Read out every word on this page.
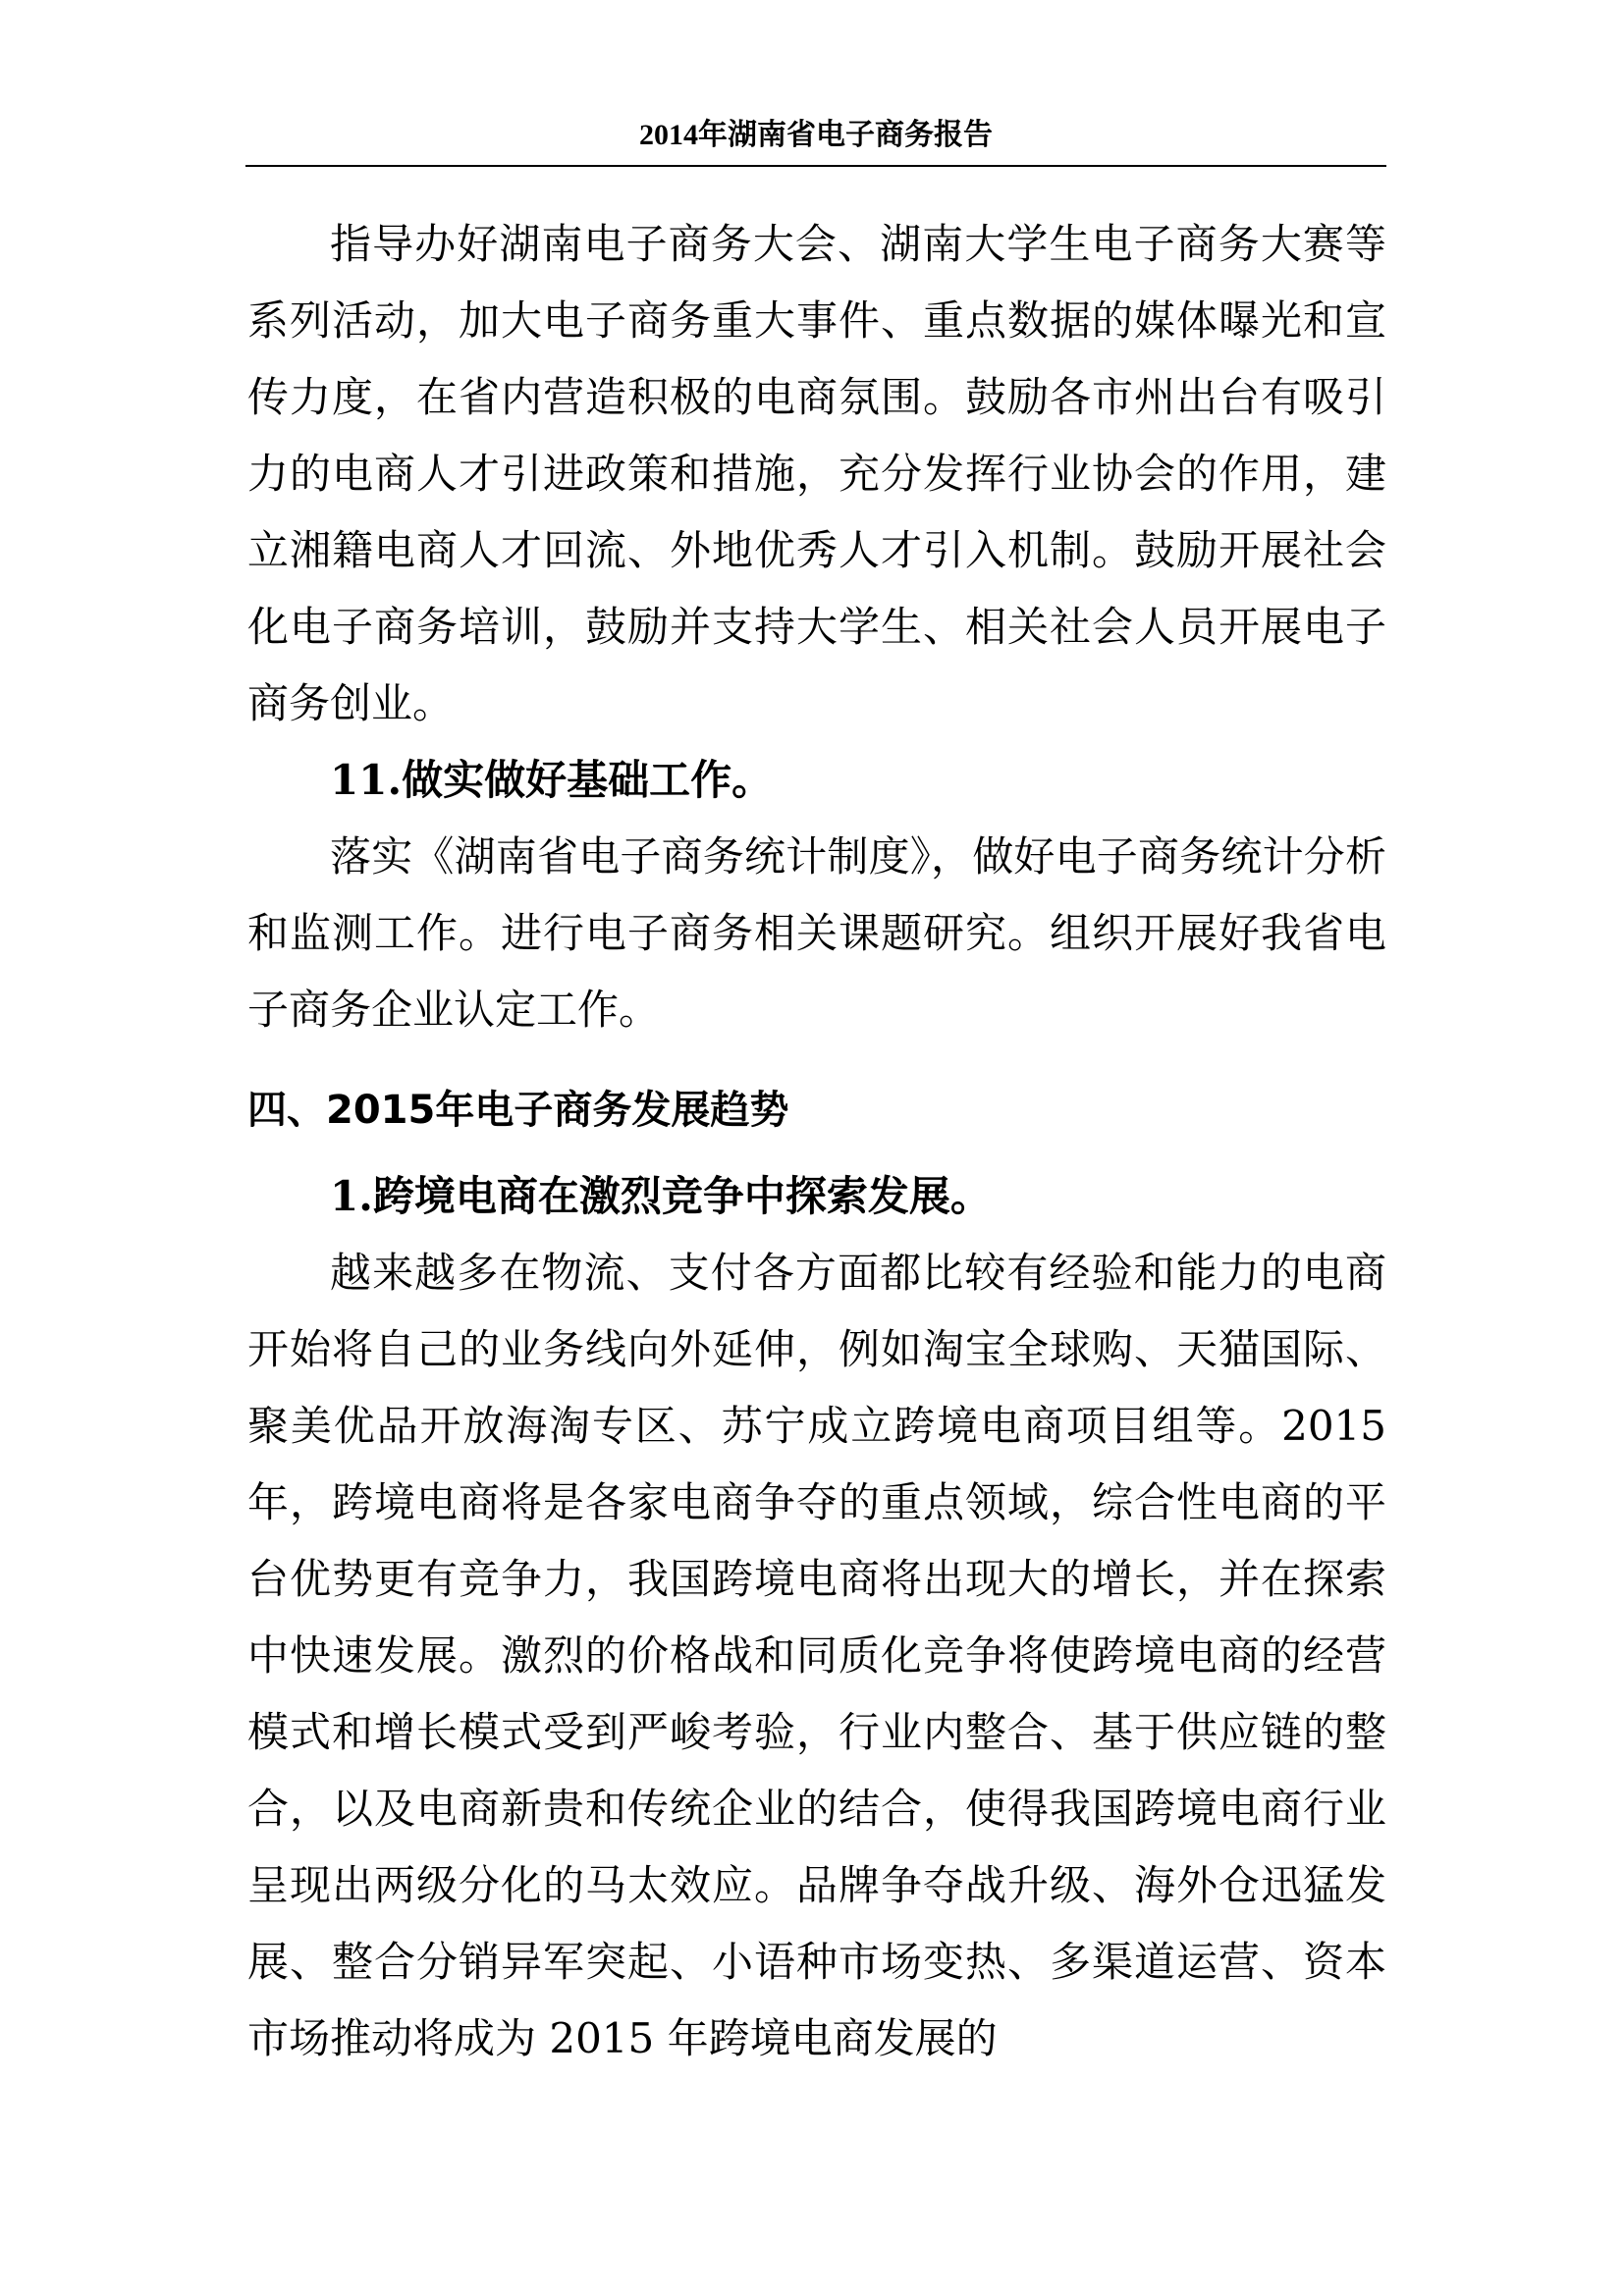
2014年湖南省电子商务报告

指导办好湖南电子商务大会、湖南大学生电子商务大赛等系列活动，加大电子商务重大事件、重点数据的媒体曝光和宣传力度，在省内营造积极的电商氛围。鼓励各市州出台有吸引力的电商人才引进政策和措施，充分发挥行业协会的作用，建立湘籍电商人才回流、外地优秀人才引入机制。鼓励开展社会化电子商务培训，鼓励并支持大学生、相关社会人员开展电子商务创业。

11.做实做好基础工作。

落实《湖南省电子商务统计制度》，做好电子商务统计分析和监测工作。进行电子商务相关课题研究。组织开展好我省电子商务企业认定工作。

四、2015年电子商务发展趋势

1.跨境电商在激烈竞争中探索发展。

越来越多在物流、支付各方面都比较有经验和能力的电商开始将自己的业务线向外延伸，例如淘宝全球购、天猫国际、聚美优品开放海淘专区、苏宁成立跨境电商项目组等。2015年，跨境电商将是各家电商争夺的重点领域，综合性电商的平台优势更有竞争力，我国跨境电商将出现大的增长，并在探索中快速发展。激烈的价格战和同质化竞争将使跨境电商的经营模式和增长模式受到严峻考验，行业内整合、基于供应链的整合，以及电商新贵和传统企业的结合，使得我国跨境电商行业呈现出两级分化的马太效应。品牌争夺战升级、海外仓迅猛发展、整合分销异军突起、小语种市场变热、多渠道运营、资本市场推动将成为 2015 年跨境电商发展的
